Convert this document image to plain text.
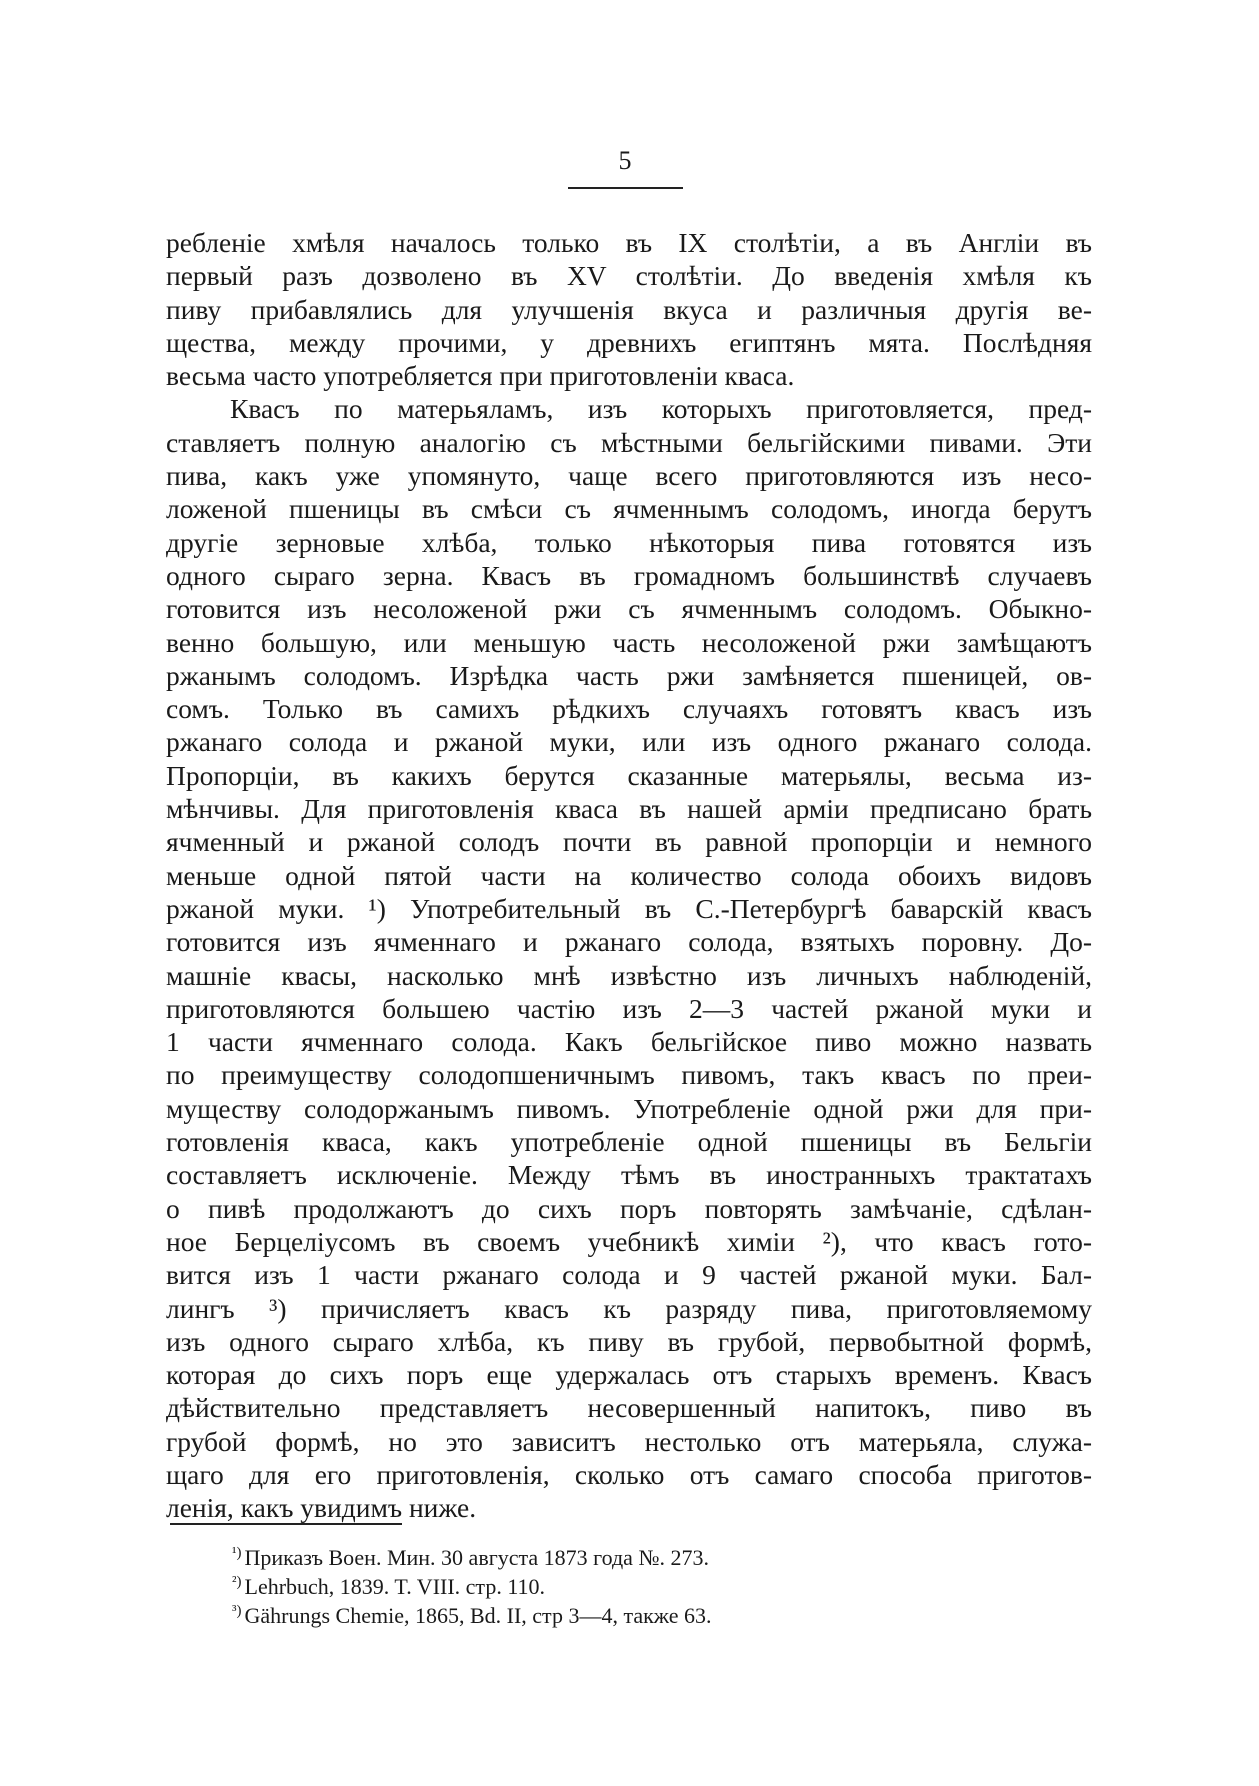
5
ребленіе хмѣля началось только въ IX столѣтіи, а въ Англіи въ
первый разъ дозволено въ XV столѣтіи. До введенія хмѣля къ
пиву прибавлялись для улучшенія вкуса и различныя другія ве-
щества, между прочими, у древнихъ египтянъ мята. Послѣдняя
весьма часто употребляется при приготовленіи кваса.
Квасъ по матерьяламъ, изъ которыхъ приготовляется, пред-
ставляетъ полную аналогію съ мѣстными бельгійскими пивами. Эти
пива, какъ уже упомянуто, чаще всего приготовляются изъ несо-
ложеной пшеницы въ смѣси съ ячменнымъ солодомъ, иногда берутъ
другіе зерновые хлѣба, только нѣкоторыя пива готовятся изъ
одного сыраго зерна. Квасъ въ громадномъ большинствѣ случаевъ
готовится изъ несоложеной ржи съ ячменнымъ солодомъ. Обыкно-
венно большую, или меньшую часть несоложеной ржи замѣщаютъ
ржанымъ солодомъ. Изрѣдка часть ржи замѣняется пшеницей, ов-
сомъ. Только въ самихъ рѣдкихъ случаяхъ готовятъ квасъ изъ
ржанаго солода и ржаной муки, или изъ одного ржанаго солода.
Пропорціи, въ какихъ берутся сказанные матерьялы, весьма из-
мѣнчивы. Для приготовленія кваса въ нашей арміи предписано брать
ячменный и ржаной солодъ почти въ равной пропорціи и немного
меньше одной пятой части на количество солода обоихъ видовъ
ржаной муки. ¹) Употребительный въ С.-Петербургѣ баварскій квасъ
готовится изъ ячменнаго и ржанаго солода, взятыхъ поровну. До-
машніе квасы, насколько мнѣ извѣстно изъ личныхъ наблюденій,
приготовляются большею частію изъ 2—3 частей ржаной муки и
1 части ячменнаго солода. Какъ бельгійское пиво можно назвать
по преимуществу солодопшеничнымъ пивомъ, такъ квасъ по преи-
муществу солодоржанымъ пивомъ. Употребленіе одной ржи для при-
готовленія кваса, какъ употребленіе одной пшеницы въ Бельгіи
составляетъ исключеніе. Между тѣмъ въ иностранныхъ трактатахъ
о пивѣ продолжаютъ до сихъ поръ повторять замѣчаніе, сдѣлан-
ное Берцеліусомъ въ своемъ учебникѣ химіи ²), что квасъ гото-
вится изъ 1 части ржанаго солода и 9 частей ржаной муки. Бал-
лингъ ³) причисляетъ квасъ къ разряду пива, приготовляемому
изъ одного сыраго хлѣба, къ пиву въ грубой, первобытной формѣ,
которая до сихъ поръ еще удержалась отъ старыхъ временъ. Квасъ
дѣйствительно представляетъ несовершенный напитокъ, пиво въ
грубой формѣ, но это зависитъ нестолько отъ матерьяла, служа-
щаго для его приготовленія, сколько отъ самаго способа приготов-
ленія, какъ увидимъ ниже.
$^{^1)}$ Приказъ Воен. Мин. 30 августа 1873 года №. 273.
$^{^2)}$ Lehrbuch, 1839. T. VIII. стр. 110.
$^{^3)}$ Gährungs Chemie, 1865, Bd. II, стр 3—4, также 63.
